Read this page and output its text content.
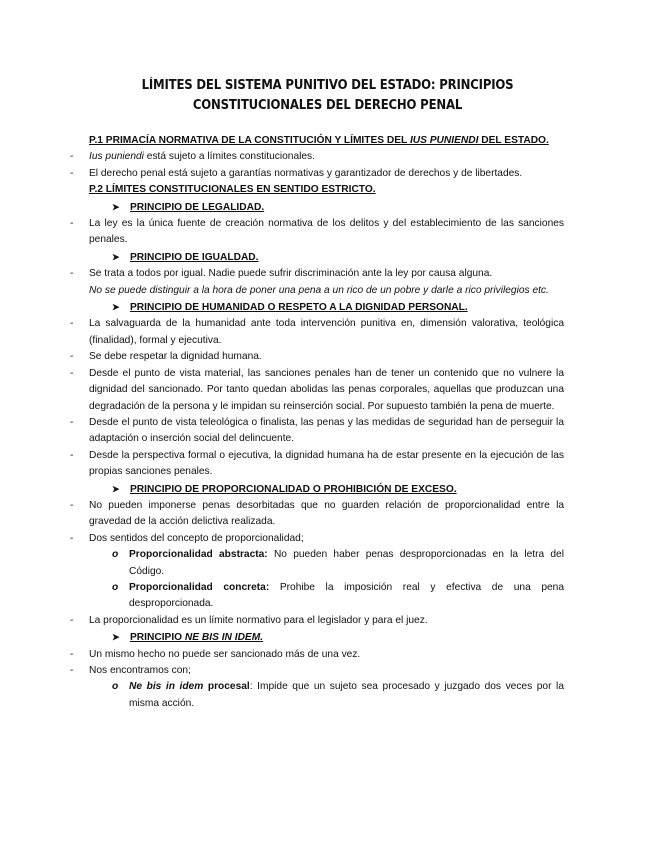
LÍMITES DEL SISTEMA PUNITIVO DEL ESTADO: PRINCIPIOS CONSTITUCIONALES DEL DERECHO PENAL
P.1 PRIMACÍA NORMATIVA DE LA CONSTITUCIÓN Y LÍMITES DEL IUS PUNIENDI DEL ESTADO.
-	Ius puniendi está sujeto a límites constitucionales.
-	El derecho penal está sujeto a garantías normativas y garantizador de derechos y de libertades.
P.2 LÍMITES CONSTITUCIONALES EN SENTIDO ESTRICTO.
➤ PRINCIPIO DE LEGALIDAD.
-	La ley es la única fuente de creación normativa de los delitos y del establecimiento de las sanciones penales.
➤ PRINCIPIO DE IGUALDAD.
-	Se trata a todos por igual. Nadie puede sufrir discriminación ante la ley por causa alguna.
No se puede distinguir a la hora de poner una pena a un rico de un pobre y darle a rico privilegios etc.
➤ PRINCIPIO DE HUMANIDAD O RESPETO A LA DIGNIDAD PERSONAL.
-	La salvaguarda de la humanidad ante toda intervención punitiva en, dimensión valorativa, teológica (finalidad), formal y ejecutiva.
-	Se debe respetar la dignidad humana.
-	Desde el punto de vista material, las sanciones penales han de tener un contenido que no vulnere la dignidad del sancionado. Por tanto quedan abolidas las penas corporales, aquellas que produzcan una degradación de la persona y le impidan su reinserción social. Por supuesto también la pena de muerte.
-	Desde el punto de vista teleológica o finalista, las penas y las medidas de seguridad han de perseguir la adaptación o inserción social del delincuente.
-	Desde la perspectiva formal o ejecutiva, la dignidad humana ha de estar presente en la ejecución de las propias sanciones penales.
➤ PRINCIPIO DE PROPORCIONALIDAD O PROHIBICIÓN DE EXCESO.
-	No pueden imponerse penas desorbitadas que no guarden relación de proporcionalidad entre la gravedad de la acción delictiva realizada.
-	Dos sentidos del concepto de proporcionalidad;
o	Proporcionalidad abstracta: No pueden haber penas desproporcionadas en la letra del Código.
o	Proporcionalidad concreta: Prohibe la imposición real y efectiva de una pena desproporcionada.
-	La proporcionalidad es un límite normativo para el legislador y para el juez.
➤ PRINCIPIO NE BIS IN IDEM.
-	Un mismo hecho no puede ser sancionado más de una vez.
-	Nos encontramos con;
o	Ne bis in idem procesal: Impide que un sujeto sea procesado y juzgado dos veces por la misma acción.
